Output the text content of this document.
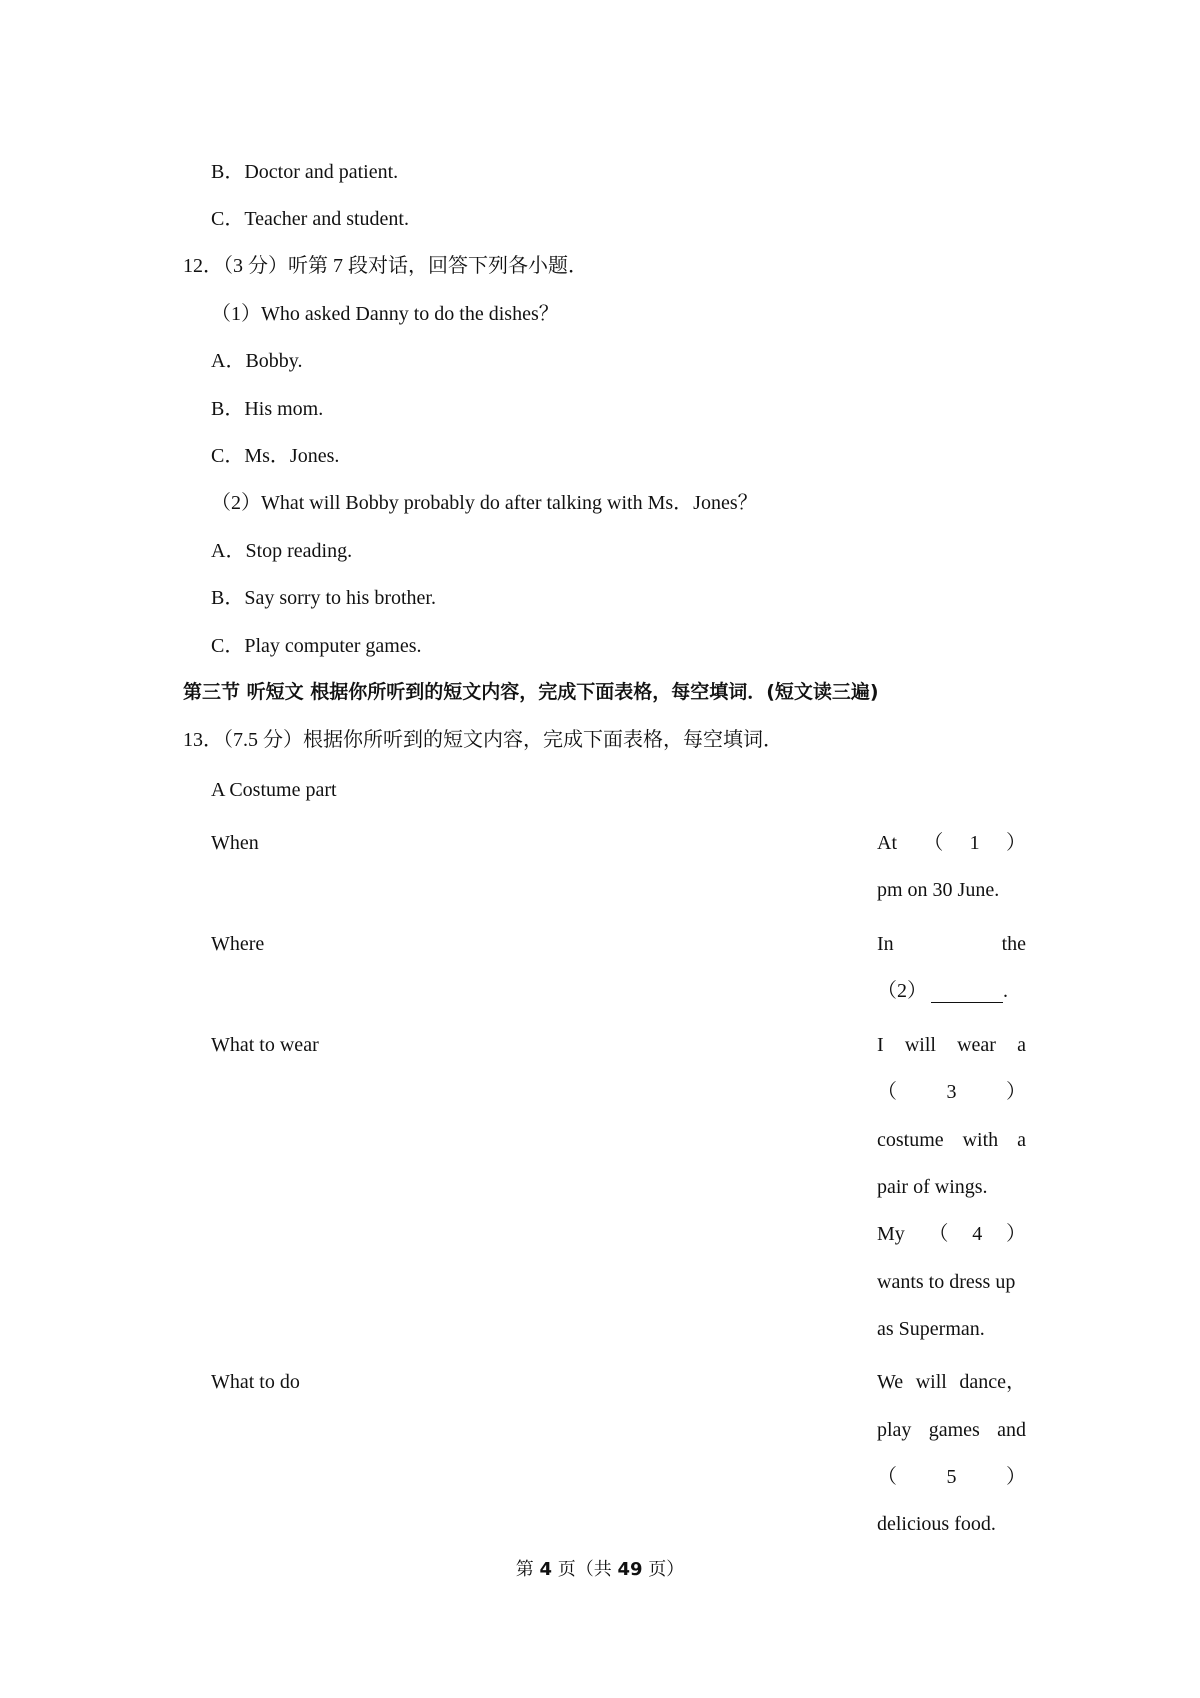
B．Doctor and patient.
C．Teacher and student.
12．（3 分）听第 7 段对话，回答下列各小题．
（1）Who asked Danny to do the dishes？
A．Bobby.
B．His mom.
C．Ms．Jones.
（2）What will Bobby probably do after talking with Ms．Jones？
A．Stop reading.
B．Say sorry to his brother.
C．Play computer games.
第三节 听短文 根据你所听到的短文内容，完成下面表格，每空填词．(短文读三遍)
13．（7.5 分）根据你所听到的短文内容，完成下面表格，每空填词．
A Costume part
When
Where
What to wear
What to do
At （ 1 ）
pm on 30 June.
In	the
（2）	.
I will wear a
（ 3 ）
costume with a
pair of wings.
My （ 4 ）
wants to dress up
as Superman.
We will dance，
play games and
（ 5 ）
delicious food.
第 4 页（共 49 页）
